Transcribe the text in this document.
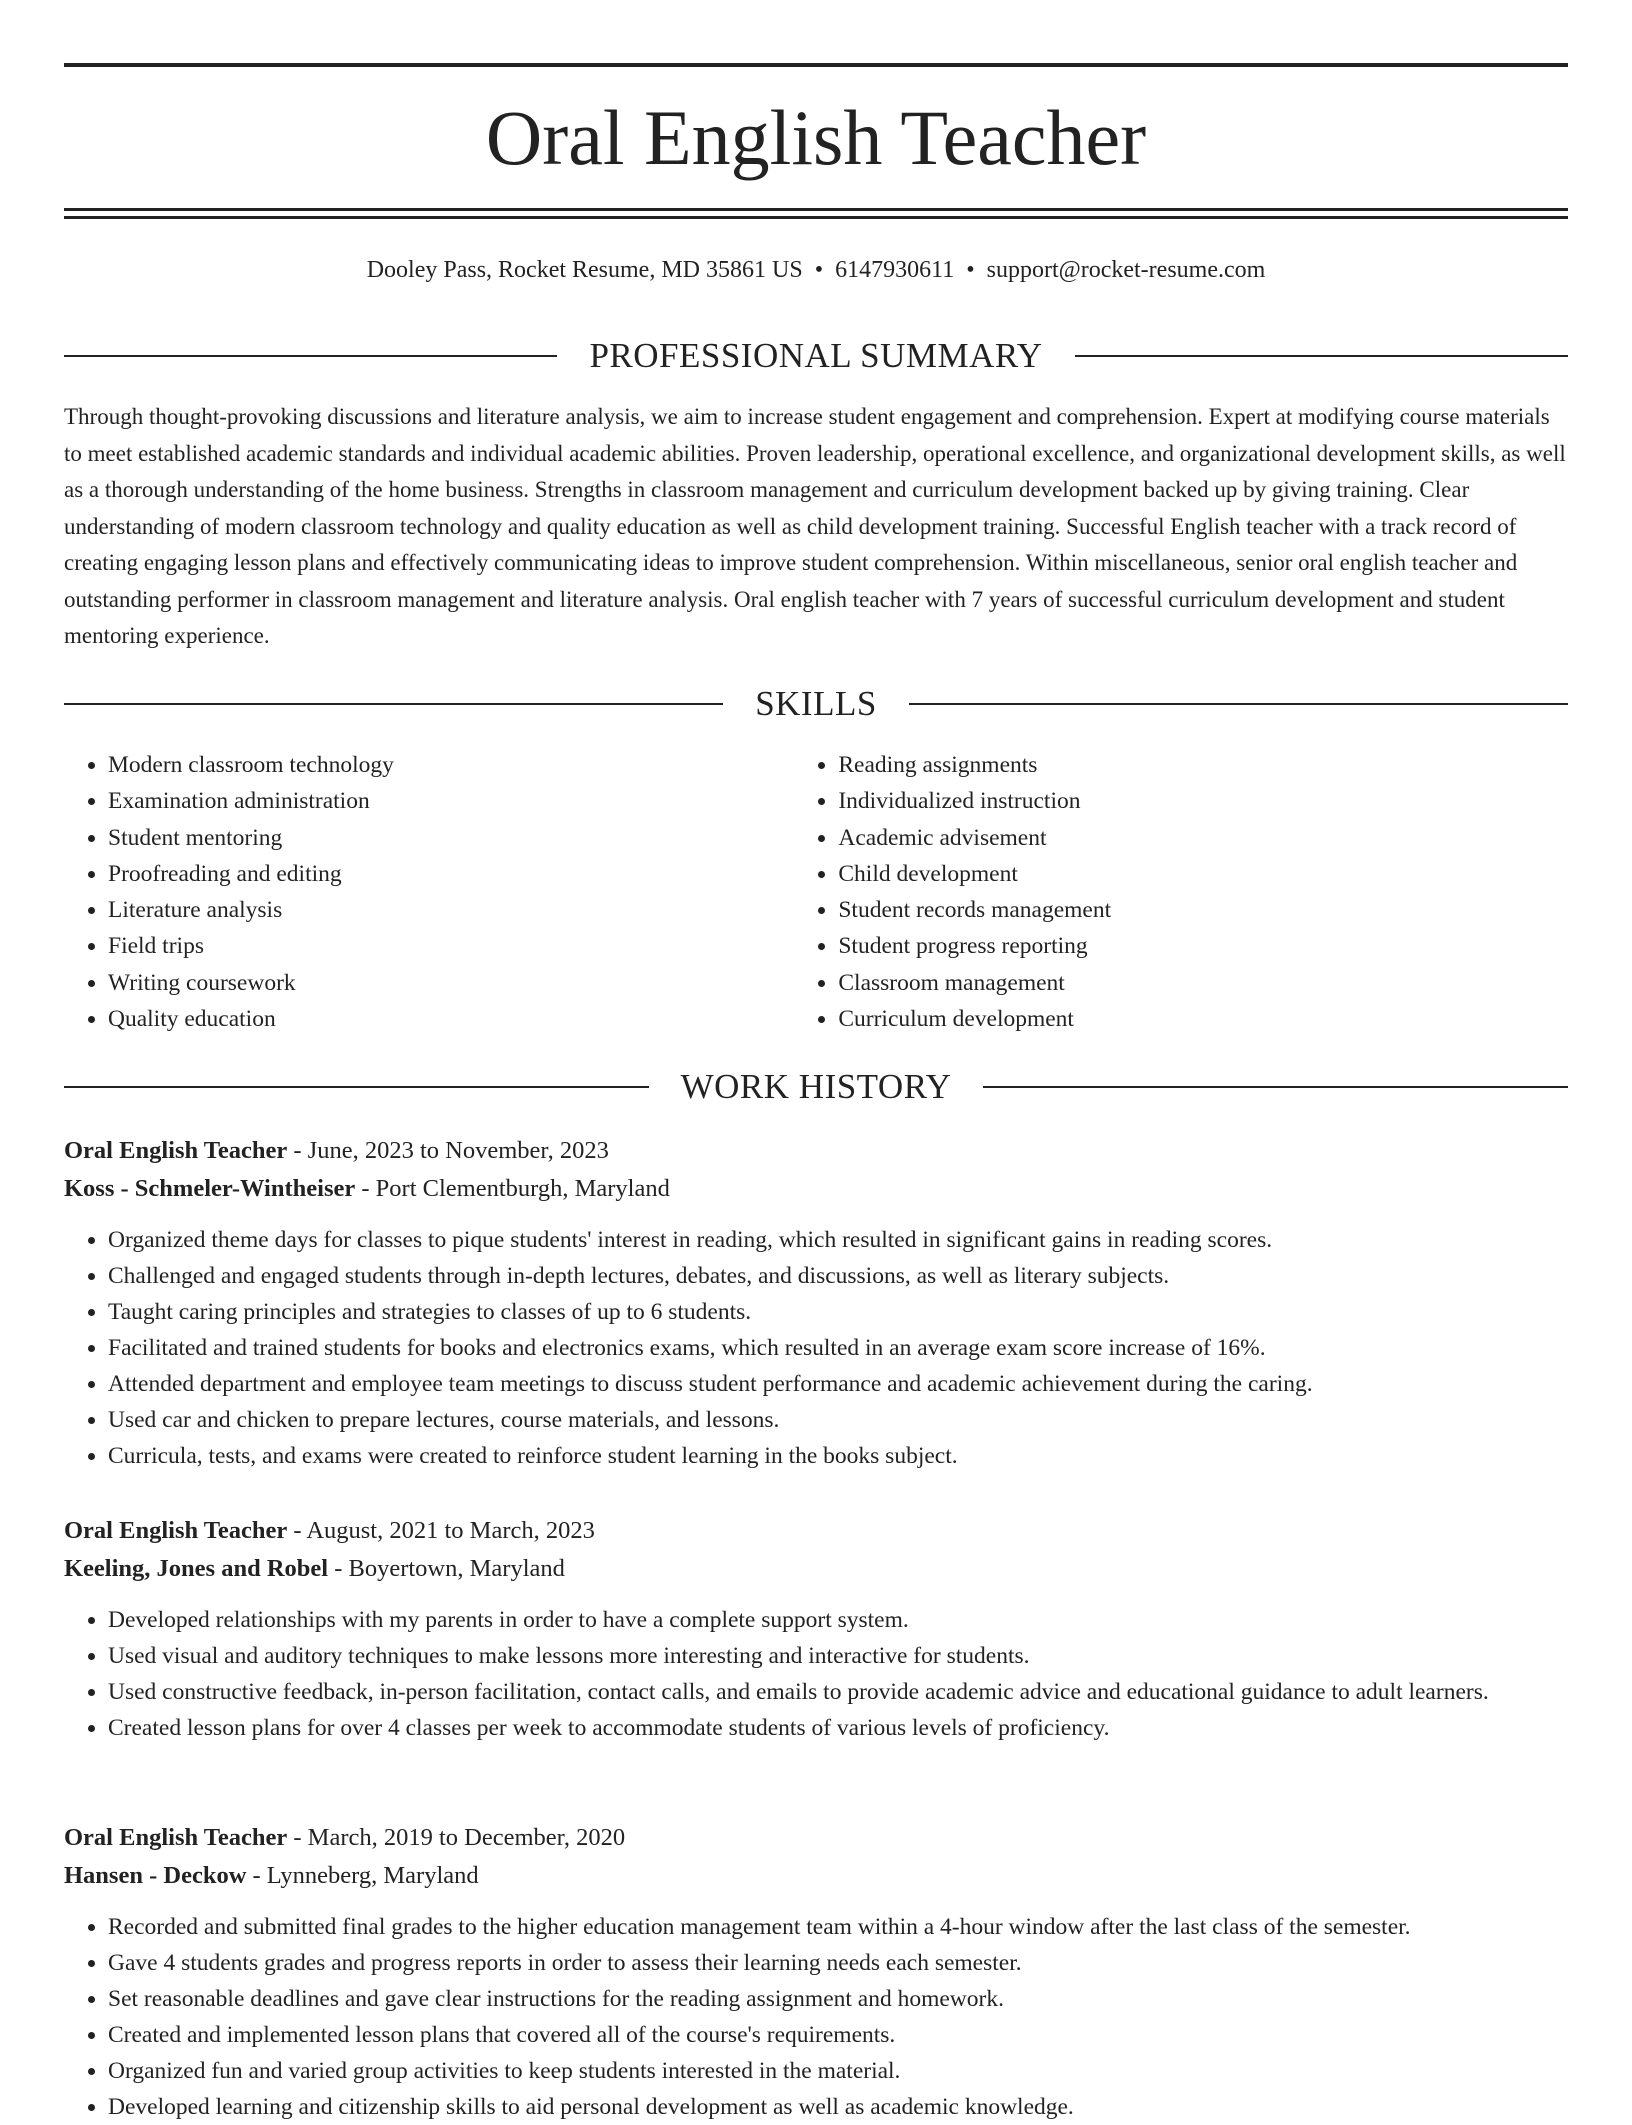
Oral English Teacher
Dooley Pass, Rocket Resume, MD 35861 US • 6147930611 • support@rocket-resume.com
PROFESSIONAL SUMMARY

Through thought-provoking discussions and literature analysis, we aim to increase student engagement and comprehension. Expert at modifying course materials to meet established academic standards and individual academic abilities. Proven leadership, operational excellence, and organizational development skills, as well as a thorough understanding of the home business. Strengths in classroom management and curriculum development backed up by giving training. Clear understanding of modern classroom technology and quality education as well as child development training. Successful English teacher with a track record of creating engaging lesson plans and effectively communicating ideas to improve student comprehension. Within miscellaneous, senior oral english teacher and outstanding performer in classroom management and literature analysis. Oral english teacher with 7 years of successful curriculum development and student mentoring experience.

SKILLS
• Modern classroom technology
• Examination administration
• Student mentoring
• Proofreading and editing
• Literature analysis
• Field trips
• Writing coursework
• Quality education
• Reading assignments
• Individualized instruction
• Academic advisement
• Child development
• Student records management
• Student progress reporting
• Classroom management
• Curriculum development
WORK HISTORY

Oral English Teacher - June, 2023 to November, 2023

Koss - Schmeler-Wintheiser - Port Clementburgh, Maryland

• Organized theme days for classes to pique students' interest in reading, which resulted in significant gains in reading scores.
• Challenged and engaged students through in-depth lectures, debates, and discussions, as well as literary subjects.
• Taught caring principles and strategies to classes of up to 6 students.
• Facilitated and trained students for books and electronics exams, which resulted in an average exam score increase of 16%.
• Attended department and employee team meetings to discuss student performance and academic achievement during the caring.
• Used car and chicken to prepare lectures, course materials, and lessons.
• Curricula, tests, and exams were created to reinforce student learning in the books subject.

Oral English Teacher - August, 2021 to March, 2023

Keeling, Jones and Robel - Boyertown, Maryland

• Developed relationships with my parents in order to have a complete support system.
• Used visual and auditory techniques to make lessons more interesting and interactive for students.
• Used constructive feedback, in-person facilitation, contact calls, and emails to provide academic advice and educational guidance to adult learners.
• Created lesson plans for over 4 classes per week to accommodate students of various levels of proficiency.

Oral English Teacher - March, 2019 to December, 2020

Hansen - Deckow - Lynneberg, Maryland

• Recorded and submitted final grades to the higher education management team within a 4-hour window after the last class of the semester.
• Gave 4 students grades and progress reports in order to assess their learning needs each semester.
• Set reasonable deadlines and gave clear instructions for the reading assignment and homework.
• Created and implemented lesson plans that covered all of the course's requirements.
• Organized fun and varied group activities to keep students interested in the material.
• Developed learning and citizenship skills to aid personal development as well as academic knowledge.
